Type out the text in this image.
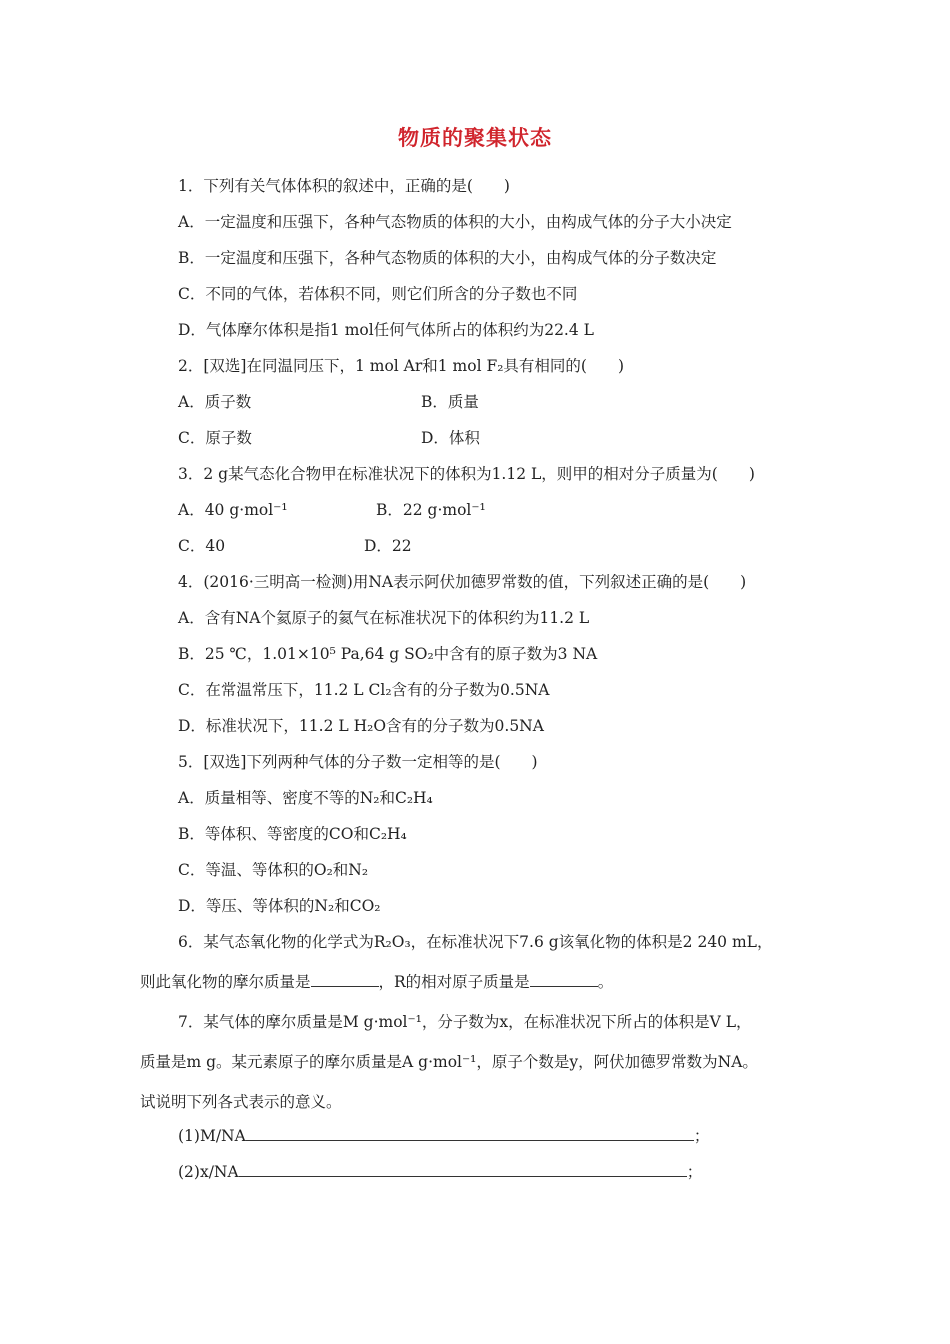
物质的聚集状态
1．下列有关气体体积的叙述中，正确的是(　　)
A．一定温度和压强下，各种气态物质的体积的大小，由构成气体的分子大小决定
B．一定温度和压强下，各种气态物质的体积的大小，由构成气体的分子数决定
C．不同的气体，若体积不同，则它们所含的分子数也不同
D．气体摩尔体积是指1 mol任何气体所占的体积约为22.4 L
2．[双选]在同温同压下，1 mol Ar和1 mol F₂具有相同的(　　)
A．质子数	B．质量
C．原子数	D．体积
3．2 g某气态化合物甲在标准状况下的体积为1.12 L，则甲的相对分子质量为(　　)
A．40 g·mol⁻¹	B．22 g·mol⁻¹
C．40	D．22
4．(2016·三明高一检测)用NA表示阿伏加德罗常数的值，下列叙述正确的是(　　)
A．含有NA个氦原子的氦气在标准状况下的体积约为11.2 L
B．25 ℃，1.01×10⁵ Pa,64 g SO₂中含有的原子数为3 NA
C．在常温常压下，11.2 L Cl₂含有的分子数为0.5NA
D．标准状况下，11.2 L H₂O含有的分子数为0.5NA
5．[双选]下列两种气体的分子数一定相等的是(　　)
A．质量相等、密度不等的N₂和C₂H₄
B．等体积、等密度的CO和C₂H₄
C．等温、等体积的O₂和N₂
D．等压、等体积的N₂和CO₂
6．某气态氧化物的化学式为R₂O₃，在标准状况下7.6 g该氧化物的体积是2 240 mL，
则此氧化物的摩尔质量是	，R的相对原子质量是	。
7．某气体的摩尔质量是M g·mol⁻¹，分子数为x，在标准状况下所占的体积是V L，
质量是m g。某元素原子的摩尔质量是A g·mol⁻¹，原子个数是y，阿伏加德罗常数为NA。
试说明下列各式表示的意义。
(1)M/NA	；
(2)x/NA	；
